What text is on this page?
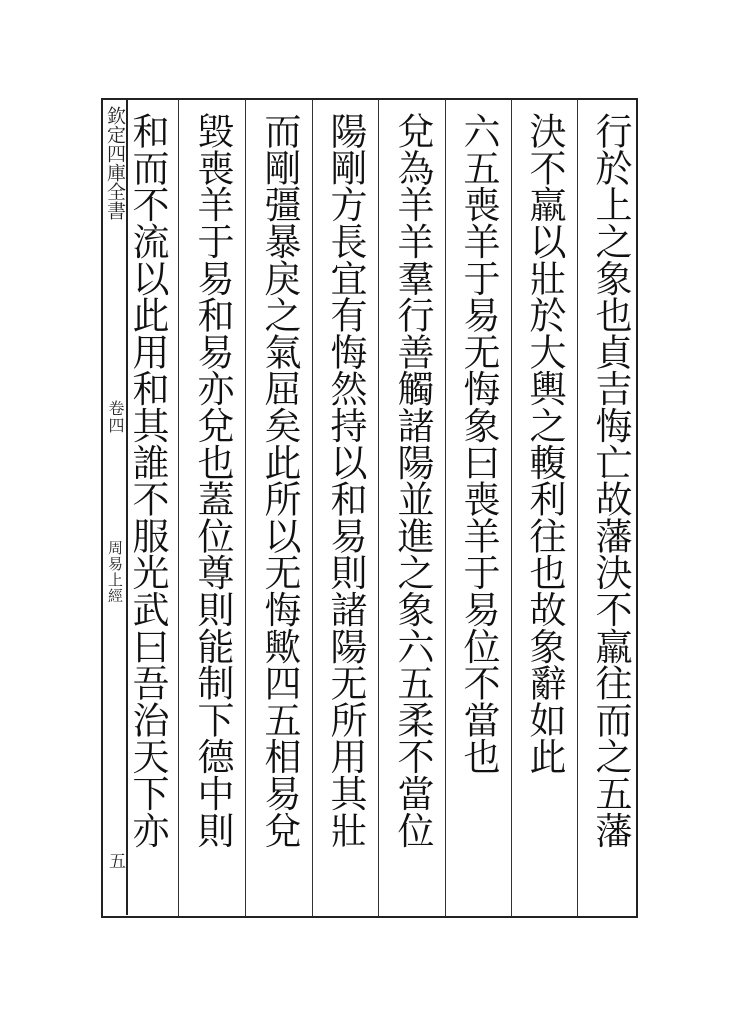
欽定四庫全書
卷四
周易上經
五
行於上之象也貞吉悔亡故藩決不羸往而之五藩
決不羸以壯於大輿之輹利往也故象辭如此
六五喪羊于易无悔象曰喪羊于易位不當也
兌為羊羊羣行善觸諸陽並進之象六五柔不當位
陽剛方長宜有悔然持以和易則諸陽无所用其壯
而剛彊暴戾之氣屈矣此所以无悔歟四五相易兌
毀喪羊于易和易亦兌也蓋位尊則能制下德中則
和而不流以此用和其誰不服光武曰吾治天下亦
